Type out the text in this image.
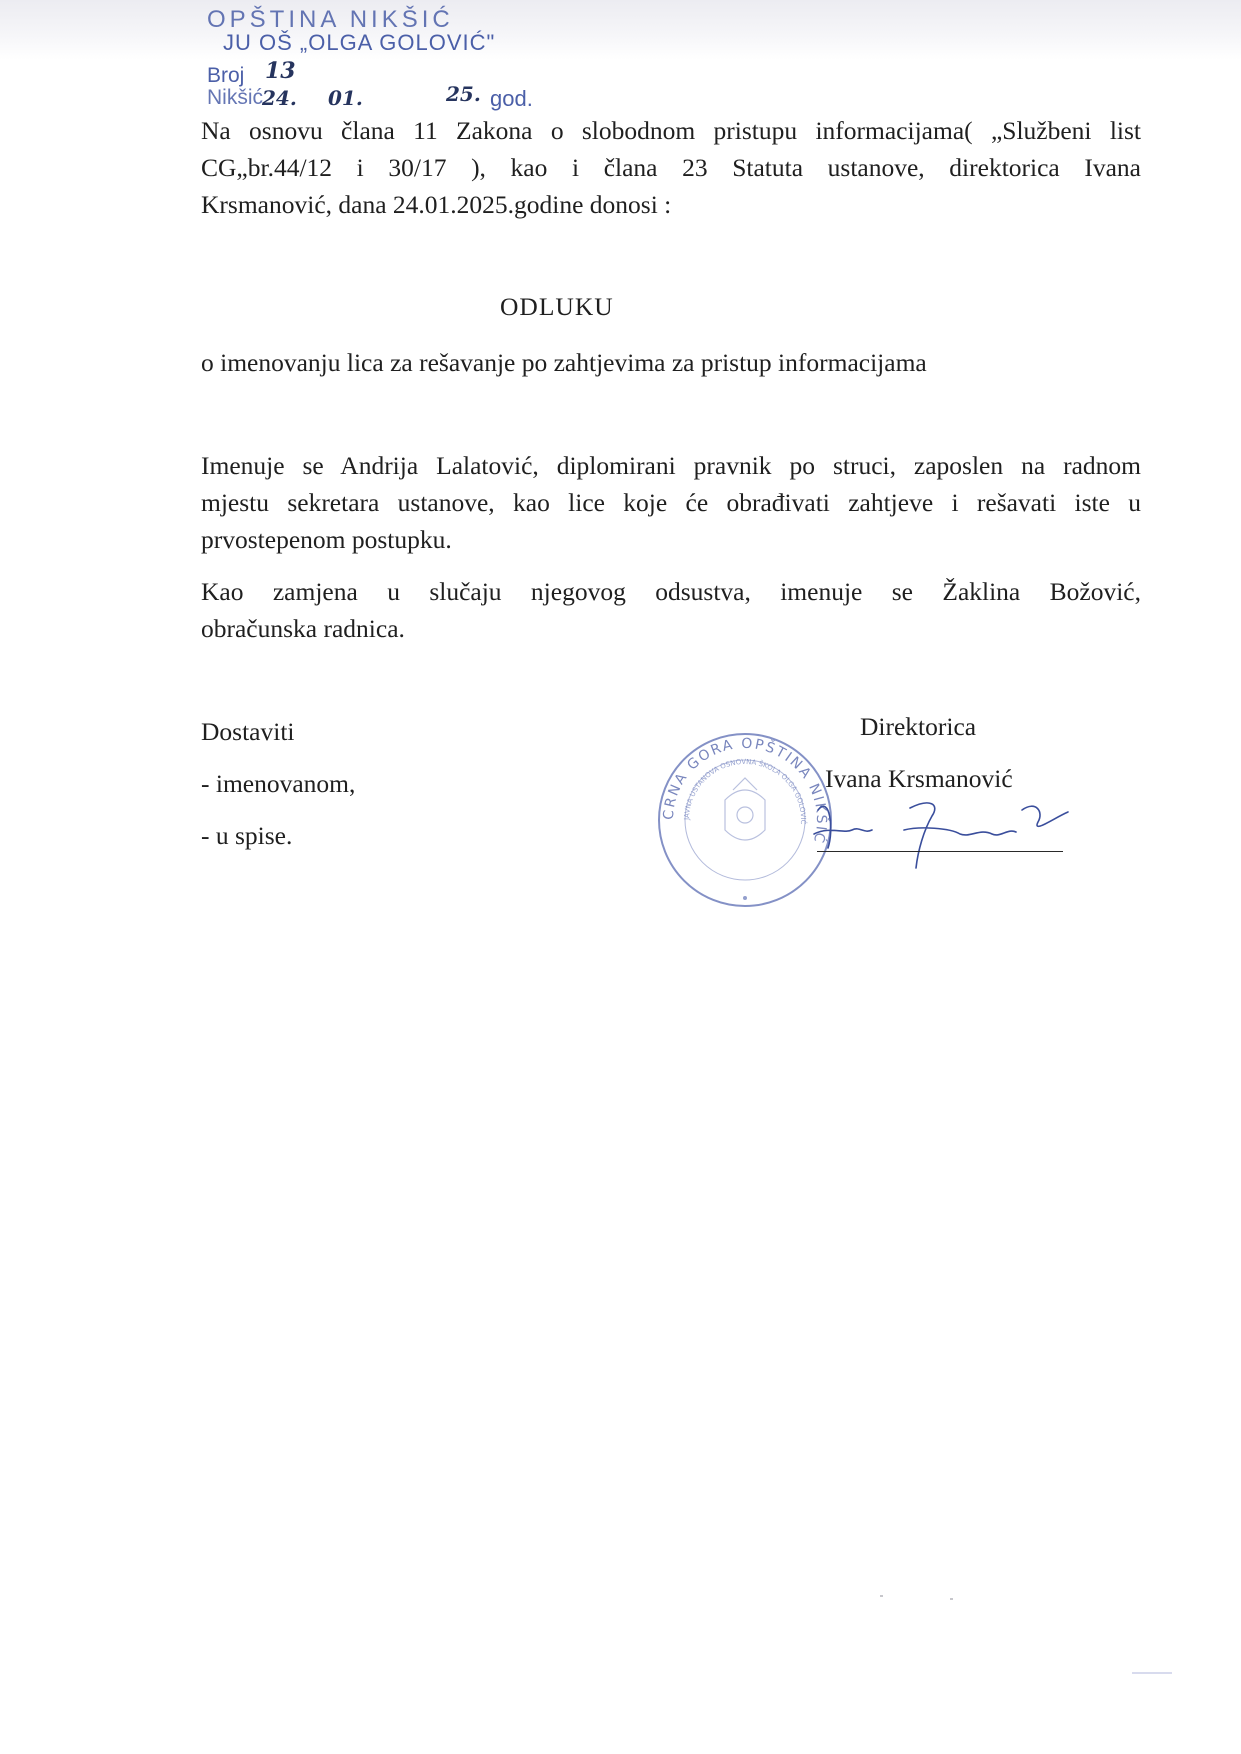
OPŠTINA NIKŠIĆ
JU OŠ „OLGA GOLOVIĆ"
Broj
Nikšić	god.
13
24. 01.	25.
Na osnovu člana 11 Zakona o slobodnom pristupu informacijama( „Službeni list
CG„br.44/12 i 30/17 ), kao i člana 23 Statuta ustanove, direktorica Ivana
Krsmanović, dana 24.01.2025.godine donosi :
ODLUKU
o imenovanju lica za rešavanje po zahtjevima za pristup informacijama
Imenuje se Andrija Lalatović, diplomirani pravnik po struci, zaposlen na radnom
mjestu sekretara ustanove, kao lice koje će obrađivati zahtjeve i rešavati iste u
prvostepenom postupku.
Kao zamjena u slučaju njegovog odsustva, imenuje se Žaklina Božović,
obračunska radnica.
Dostaviti
- imenovanom,
- u spise.
CRNA GORA OPŠTINA NIKŠIĆ
JAVNA USTANOVA OSNOVNA ŠKOLA OLGA GOLOVIĆ
Direktorica
Ivana Krsmanović
